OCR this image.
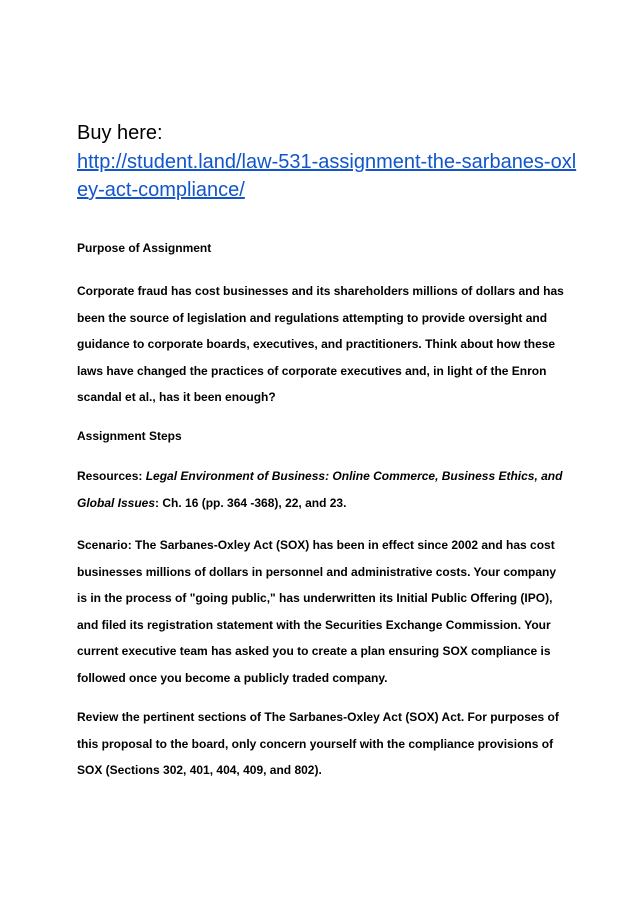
Buy here:
http://student.land/law-531-assignment-the-sarbanes-oxley-act-compliance/
Purpose of Assignment
Corporate fraud has cost businesses and its shareholders millions of dollars and has been the source of legislation and regulations attempting to provide oversight and guidance to corporate boards, executives, and practitioners. Think about how these laws have changed the practices of corporate executives and, in light of the Enron scandal et al., has it been enough?
Assignment Steps
Resources: Legal Environment of Business: Online Commerce, Business Ethics, and Global Issues: Ch. 16 (pp. 364 -368), 22, and 23.
Scenario: The Sarbanes-Oxley Act (SOX) has been in effect since 2002 and has cost businesses millions of dollars in personnel and administrative costs. Your company is in the process of "going public," has underwritten its Initial Public Offering (IPO), and filed its registration statement with the Securities Exchange Commission. Your current executive team has asked you to create a plan ensuring SOX compliance is followed once you become a publicly traded company.
Review the pertinent sections of The Sarbanes-Oxley Act (SOX) Act. For purposes of this proposal to the board, only concern yourself with the compliance provisions of SOX (Sections 302, 401, 404, 409, and 802).
